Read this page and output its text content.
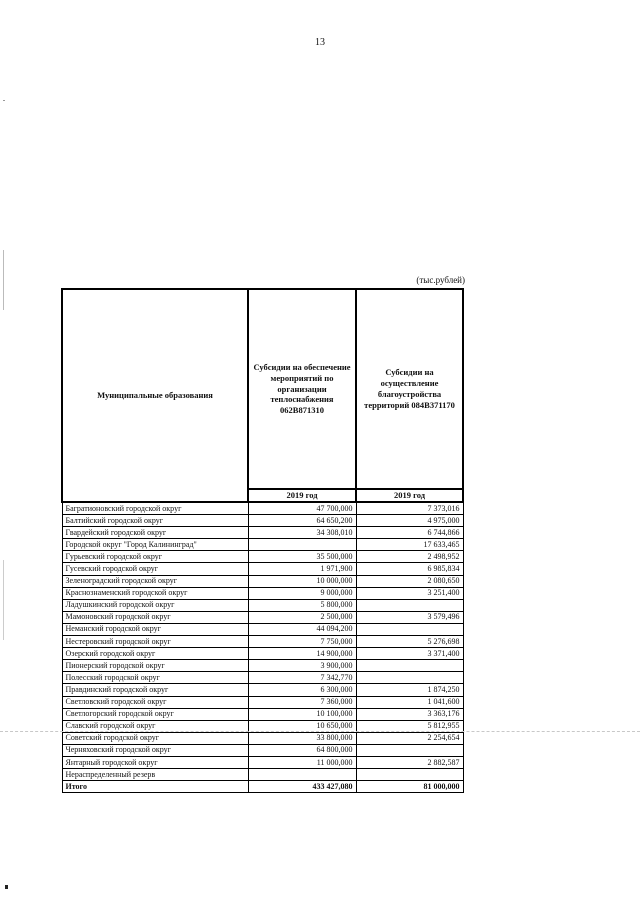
13
(тыс.рублей)
Муниципальные образования	Субсидии на обеспечение мероприятий по организации теплоснабжения 062В871310	Субсидии на осуществление благоустройства территорий 084В371170
	2019 год	2019 год
Багратионовский городской округ	47 700,000	7 373,016
Балтийский городской округ	64 650,200	4 975,000
Гвардейский городской округ	34 308,010	6 744,866
Городской округ "Город Калининград"		17 633,465
Гурьевский городской округ	35 500,000	2 498,952
Гусевский городской округ	1 971,900	6 985,834
Зеленоградский городской округ	10 000,000	2 080,650
Краснознаменский городской округ	9 000,000	3 251,400
Ладушкинский городской округ	5 800,000	
Мамоновский городской округ	2 500,000	3 579,496
Неманский городской округ	44 094,200	
Нестеровский городской округ	7 750,000	5 276,698
Озерский городской округ	14 900,000	3 371,400
Пионерский городской округ	3 900,000	
Полесский городской округ	7 342,770	
Правдинский городской округ	6 300,000	1 874,250
Светловский городской округ	7 360,000	1 041,600
Светлогорский городской округ	10 100,000	3 363,176
Славский городской округ	10 650,000	5 812,955
Советский городской округ	33 800,000	2 254,654
Черняховский городской округ	64 800,000	
Янтарный городской округ	11 000,000	2 882,587
Нераспределенный резерв		
Итого	433 427,080	81 000,000
